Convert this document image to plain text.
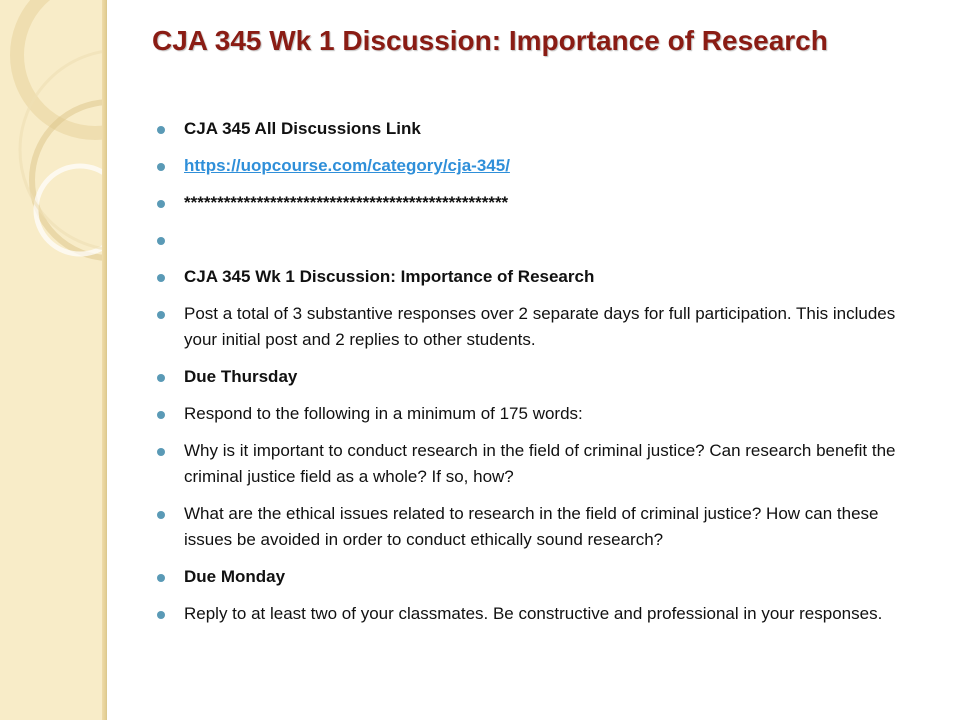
CJA 345 Wk 1 Discussion: Importance of Research
CJA 345 All Discussions Link
https://uopcourse.com/category/cja-345/
*************************************************
CJA 345 Wk 1 Discussion: Importance of Research
Post a total of 3 substantive responses over 2 separate days for full participation. This includes your initial post and 2 replies to other students.
Due Thursday
Respond to the following in a minimum of 175 words:
Why is it important to conduct research in the field of criminal justice? Can research benefit the criminal justice field as a whole? If so, how?
What are the ethical issues related to research in the field of criminal justice? How can these issues be avoided in order to conduct ethically sound research?
Due Monday
Reply to at least two of your classmates. Be constructive and professional in your responses.
